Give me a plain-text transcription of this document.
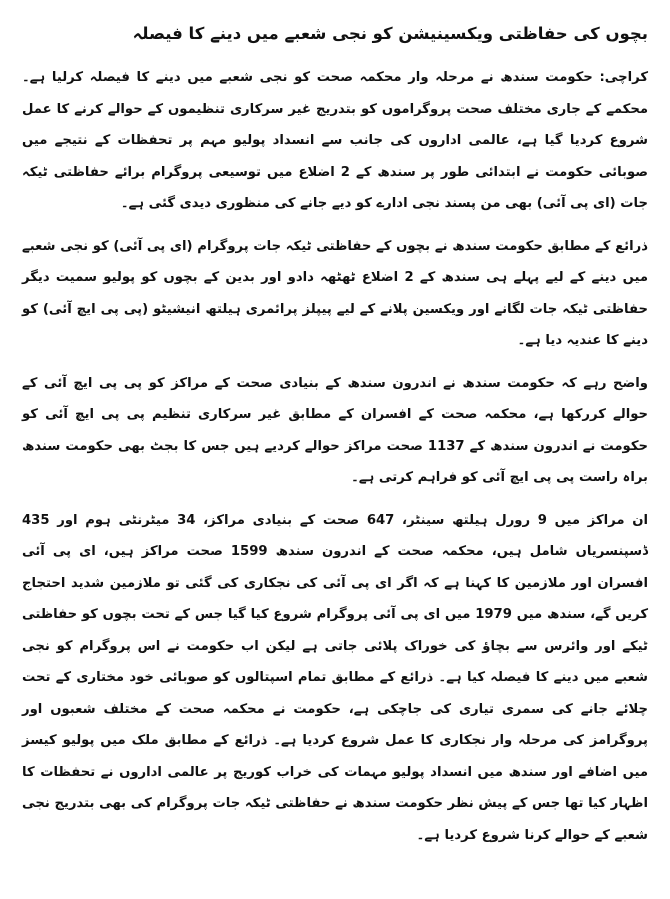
بچوں کی حفاظتی ویکسینیشن کو نجی شعبے میں دینے کا فیصلہ

کراچی: حکومت سندھ نے مرحلہ وار محکمہ صحت کو نجی شعبے میں دینے کا فیصلہ کرلیا ہے۔ محکمے کے جاری مختلف صحت پروگراموں کو بتدریج غیر سرکاری تنظیموں کے حوالے کرنے کا عمل شروع کردیا گیا ہے، عالمی اداروں کی جانب سے انسداد پولیو مہم پر تحفظات کے نتیجے میں صوبائی حکومت نے ابتدائی طور پر سندھ کے 2 اضلاع میں توسیعی پروگرام برائے حفاظتی ٹیکہ جات (ای پی آئی) بھی من پسند نجی ادارے کو دیے جانے کی منظوری دیدی گئی ہے۔

ذرائع کے مطابق حکومت سندھ نے بچوں کے حفاظتی ٹیکہ جات پروگرام (ای پی آئی) کو نجی شعبے میں دینے کے لیے پہلے ہی سندھ کے 2 اضلاع ٹھٹھہ دادو اور بدین کے بچوں کو پولیو سمیت دیگر حفاظتی ٹیکہ جات لگانے اور ویکسین پلانے کے لیے پیپلز پرائمری ہیلتھ انیشیٹو (پی پی ایچ آئی) کو دینے کا عندیہ دیا ہے۔

واضح رہے کہ حکومت سندھ نے اندرون سندھ کے بنیادی صحت کے مراکز کو پی پی ایچ آئی کے حوالے کررکھا ہے، محکمہ صحت کے افسران کے مطابق غیر سرکاری تنظیم پی پی ایچ آئی کو حکومت نے اندرون سندھ کے 1137 صحت مراکز حوالے کردیے ہیں جس کا بجٹ بھی حکومت سندھ براہ راست پی پی ایچ آئی کو فراہم کرتی ہے۔

ان مراکز میں 9 رورل ہیلتھ سینٹر، 647 صحت کے بنیادی مراکز، 34 میٹرنٹی ہوم اور 435 ڈسپنسریاں شامل ہیں، محکمہ صحت کے اندرون سندھ 1599 صحت مراکز ہیں، ای پی آئی افسران اور ملازمین کا کہنا ہے کہ اگر ای پی آئی کی نجکاری کی گئی تو ملازمین شدید احتجاج کریں گے، سندھ میں 1979 میں ای پی آئی پروگرام شروع کیا گیا جس کے تحت بچوں کو حفاظتی ٹیکے اور وائرس سے بچاؤ کی خوراک پلائی جاتی ہے لیکن اب حکومت نے اس پروگرام کو نجی شعبے میں دینے کا فیصلہ کیا ہے۔ ذرائع کے مطابق تمام اسپتالوں کو صوبائی خود مختاری کے تحت چلائے جانے کی سمری تیاری کی جاچکی ہے، حکومت نے محکمہ صحت کے مختلف شعبوں اور پروگرامز کی مرحلہ وار نجکاری کا عمل شروع کردیا ہے۔ ذرائع کے مطابق ملک میں پولیو کیسز میں اضافے اور سندھ میں انسداد پولیو مہمات کی خراب کوریج پر عالمی اداروں نے تحفظات کا اظہار کیا تھا جس کے پیش نظر حکومت سندھ نے حفاظتی ٹیکہ جات پروگرام کی بھی بتدریج نجی شعبے کے حوالے کرنا شروع کردیا ہے۔
